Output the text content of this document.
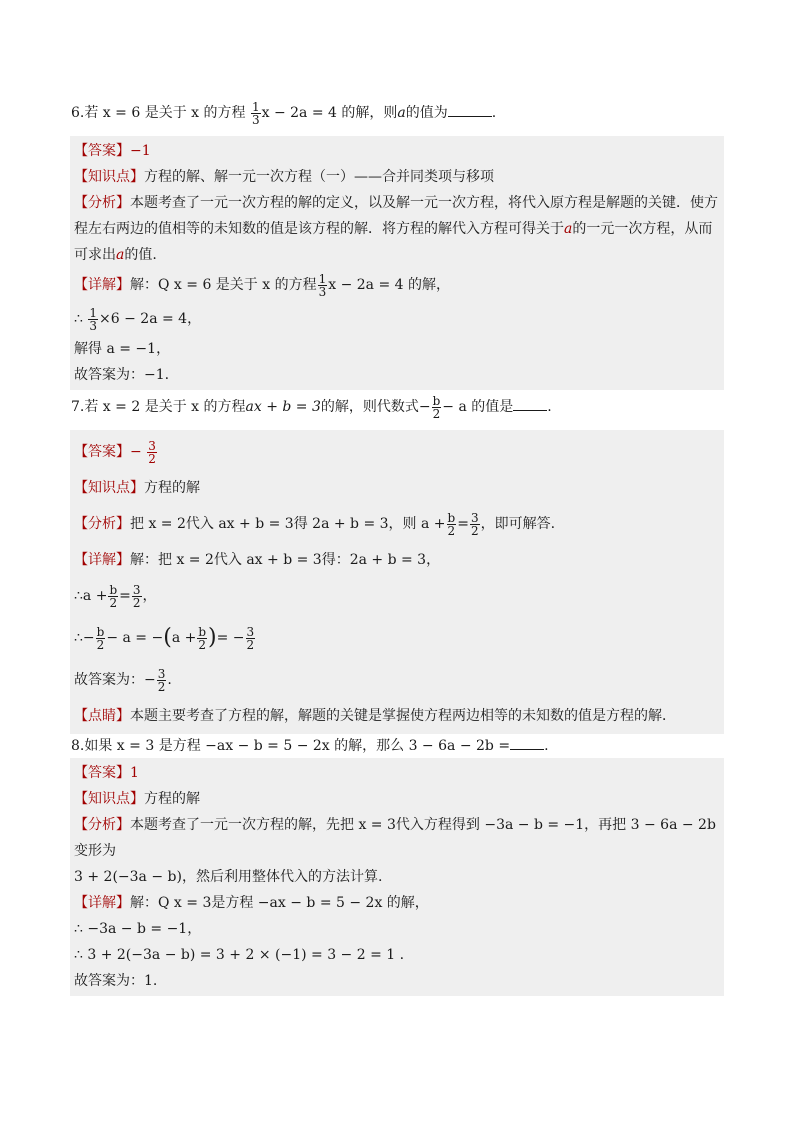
6.若 x = 6 是关于 x 的方程 $\frac{1}{3}$ x − 2a = 4 的解，则a的值为	.
【答案】−1
【知识点】方程的解、解一元一次方程（一）——合并同类项与移项
【分析】本题考查了一元一次方程的解的定义，以及解一元一次方程，将代入原方程是解题的关键．使方
程左右两边的值相等的未知数的值是该方程的解．将方程的解代入方程可得关于a的一元一次方程，从而
可求出a的值.
【详解】解：Q x = 6 是关于 x 的方程 $\frac{1}{3}$ x − 2a = 4 的解，
∴ $\frac{1}{3} \times 6 - 2a = 4$，
解得 a = −1，
故答案为：−1.
7.若 x = 2 是关于 x 的方程ax + b = 3的解，则代数式− $\frac{b}{2} - a$ 的值是 .
【答案】− $\frac{3}{2}$
【知识点】方程的解
【分析】把 x = 2代入 ax + b = 3得 2a + b = 3，则 $a + \frac{b}{2} = \frac{3}{2}$ ，即可解答.
【详解】解：把 x = 2代入 ax + b = 3得：2a + b = 3，
∴a + $\frac{b}{2} = \frac{3}{2}$ ，
∴− $\frac{b}{2} - a = -(a + \frac{b}{2}$ )= − $\frac{3}{2}$
故答案为：− $\frac{3}{2}$ .
【点睛】本题主要考查了方程的解，解题的关键是掌握使方程两边相等的未知数的值是方程的解．
8.如果 x = 3 是方程 −ax − b = 5 − 2x 的解，那么 3 − 6a − 2b = .
【答案】1
【知识点】方程的解
【分析】本题考查了一元一次方程的解，先把 x = 3代入方程得到 −3a − b = −1，再把 3 − 6a − 2b 变形为
3 + 2(−3a − b)，然后利用整体代入的方法计算.
【详解】解：Q x = 3是方程 −ax − b = 5 − 2x 的解，
∴ −3a − b = −1，
∴ 3 + 2(−3a − b) = 3 + 2 × (−1) = 3 − 2 = 1 .
故答案为：1.
